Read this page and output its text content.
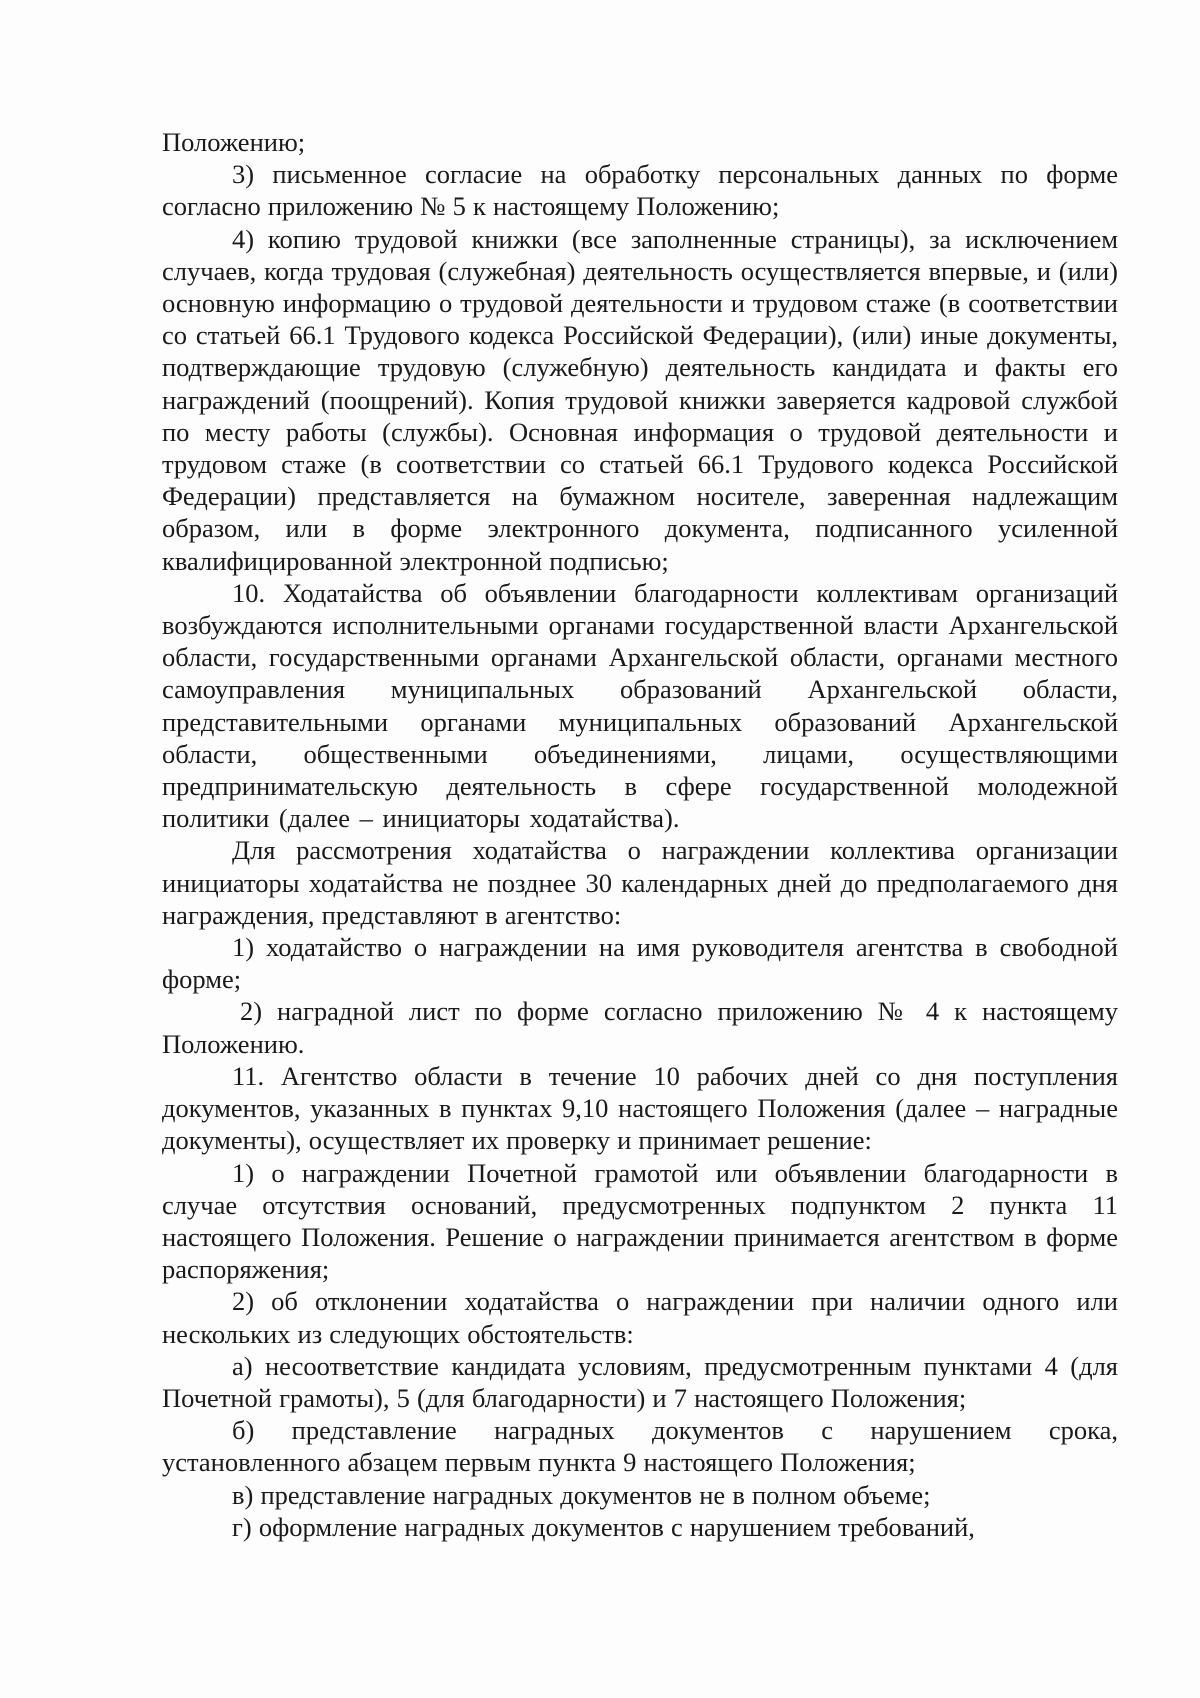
Положению;

3) письменное согласие на обработку персональных данных по форме согласно приложению № 5 к настоящему Положению;

4) копию трудовой книжки (все заполненные страницы), за исключением случаев, когда трудовая (служебная) деятельность осуществляется впервые, и (или) основную информацию о трудовой деятельности и трудовом стаже (в соответствии со статьей 66.1 Трудового кодекса Российской Федерации), (или) иные документы, подтверждающие трудовую (служебную) деятельность кандидата и факты его награждений (поощрений). Копия трудовой книжки заверяется кадровой службой по месту работы (службы). Основная информация о трудовой деятельности и трудовом стаже (в соответствии со статьей 66.1 Трудового кодекса Российской Федерации) представляется на бумажном носителе, заверенная надлежащим образом, или в форме электронного документа, подписанного усиленной квалифицированной электронной подписью;

10. Ходатайства об объявлении благодарности коллективам организаций возбуждаются исполнительными органами государственной власти Архангельской области, государственными органами Архангельской области, органами местного самоуправления муниципальных образований Архангельской области, представительными органами муниципальных образований Архангельской области, общественными объединениями, лицами, осуществляющими предпринимательскую деятельность в сфере государственной молодежной политики (далее – инициаторы ходатайства).

Для рассмотрения ходатайства о награждении коллектива организации инициаторы ходатайства не позднее 30 календарных дней до предполагаемого дня награждения, представляют в агентство:

1) ходатайство о награждении на имя руководителя агентства в свободной форме;

2) наградной лист по форме согласно приложению № 4 к настоящему Положению.

11. Агентство области в течение 10 рабочих дней со дня поступления документов, указанных в пунктах 9,10 настоящего Положения (далее – наградные документы), осуществляет их проверку и принимает решение:

1) о награждении Почетной грамотой или объявлении благодарности в случае отсутствия оснований, предусмотренных подпунктом 2 пункта 11 настоящего Положения. Решение о награждении принимается агентством в форме распоряжения;

2) об отклонении ходатайства о награждении при наличии одного или нескольких из следующих обстоятельств:

а) несоответствие кандидата условиям, предусмотренным пунктами 4 (для Почетной грамоты), 5 (для благодарности) и 7 настоящего Положения;

б) представление наградных документов с нарушением срока, установленного абзацем первым пункта 9 настоящего Положения;

в) представление наградных документов не в полном объеме;

г) оформление наградных документов с нарушением требований,
